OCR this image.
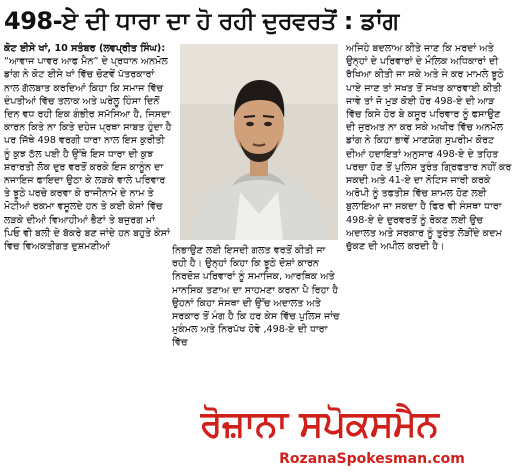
498-ਏ ਦੀ ਧਾਰਾ ਦਾ ਹੋ ਰਹੀ ਦੁਰਵਰਤੋਂ : ਡਾਂਗ

ਕੋਟ ਈਸੇ ਖਾਂ, 10 ਸਤੰਬਰ (ਲਵਪ੍ਰੀਤ ਸਿੰਘ): “ਆਵਾਜ ਪਾਵਰ ਆਫ ਮੈਨ” ਦੇ ਪ੍ਰਧਾਨ ਅਨਮੋਲ ਡਾਂਗ ਨੇ ਕੋਟ ਈਸੇ ਖਾਂ ਵਿੱਚ ਚੋਣਵੇਂ ਪੱਤਰਕਾਰਾਂ ਨਾਲ ਗੱਲਬਾਤ ਕਰਦਿਆਂ ਕਿਹਾ ਕਿ ਸਮਾਜ ਵਿੱਚ ਦੰਪਤੀਆਂ ਵਿੱਚ ਤਲਾਕ ਅਤੇ ਘਰੇਲੂ ਹਿੰਸਾ ਦਿਨੋਂ ਦਿਨ ਵਧ ਰਹੀ ਇਕ ਗੰਭੀਰ ਸਮੱਸਿਆ ਹੈ, ਜਿਸਦਾ ਕਾਰਨ ਕਿਤੇ ਨਾ ਕਿਤੇ ਦਹੇਜ ਪ੍ਰਥਾ ਸਾਬਤ ਹੁੰਦਾ ਹੈ ਪਰ ਜਿੱਥੇ 498 ਵਰਗੀ ਧਾਰਾ ਨਾਲ ਇਸ ਕੁਰੀਤੀ ਨੂੰ ਕੁਝ ਠੱਲ ਪਈ ਹੈ ਉੱਥੇ ਇਸ ਧਾਰਾ ਦੀ ਕੁਝ ਸ਼ਰਾਰਤੀ ਲੋਕ ਦੁਰ ਵਰਤੋਂ ਕਰਕੇ ਇਸ ਕਾਨੂੰਨ ਦਾ ਨਜਾਇਜ ਫਾਇਦਾ ਉਠਾ ਕੇ ਲੜਕੇ ਵਾਲੇ ਪਰਿਵਾਰ ਤੇ ਝੂਠੇ ਪਰਚੇ ਕਰਵਾ ਕੇ ਰਾਜੀਨਾਮੇ ਦੇ ਨਾਮ ਤੇ ਮੋਟੀਆਂ ਰਕਮਾ ਵਸੂਲਦੇ ਹਨ ਤੇ ਕਈ ਕੇਸਾਂ ਵਿੱਚ ਲੜਕੇ ਦੀਆਂ ਵਿਆਹੀਆਂ ਭੈਣਾਂ ਤੇ ਬਜੁਰਗ ਮਾਂ ਪਿਓ ਵੀ ਬਲੀ ਦੇ ਬੱਕਰੇ ਬਣ ਜਾਂਦੇ ਹਨ ਬਹੁਤੇ ਕੇਸਾਂ ਵਿਚ ਵਿਅਕਤੀਗਤ ਦੁਸ਼ਮਣੀਆਂ	ਨਿਭਾਉਣ ਲਈ ਇਸਦੀ ਗਲਤ ਵਰਤੋਂ ਕੀਤੀ ਜਾ ਰਹੀ ਹੈ। ਉਨ੍ਹਾਂ ਕਿਹਾ ਕਿ ਝੂਠੇ ਦੋਸ਼ਾਂ ਕਾਰਨ ਨਿਰਦੋਸ਼ ਪਰਿਵਾਰਾਂ ਨੂੰ ਸਮਾਜਿਕ, ਆਰਥਿਕ ਅਤੇ ਮਾਨਸਿਕ ਤਣਾਅ ਦਾ ਸਾਹਮਣਾ ਕਰਨਾ ਪੈ ਰਿਹਾ ਹੈ ਉਹਨਾਂ ਕਿਹਾ ਸੰਸਥਾ ਦੀ ਉੱਚ ਅਦਾਲਤ ਅਤੇ ਸਰਕਾਰ ਤੋਂ ਮੰਗ ਹੈ ਕਿ ਹਰ ਕੇਸ ਵਿੱਚ ਪੁਲਿਸ ਜਾਂਚ ਮੁਕੰਮਲ ਅਤੇ ਨਿਰਪੱਖ ਹੋਵੇ ,498-ਏ ਦੀ ਧਾਰਾ ਵਿੱਚ

ਅਜਿਹੇ ਬਦਲਾਅ ਕੀਤੇ ਜਾਣ ਕਿ ਮਰਦਾਂ ਅਤੇ ਉਨ੍ਹਾਂ ਦੇ ਪਰਿਵਾਰਾਂ ਦੇ ਮੌਲਿਕ ਅਧਿਕਾਰਾਂ ਦੀ ਰੱਖਿਆ ਕੀਤੀ ਜਾ ਸਕੇ ਅਤੇ ਜੇ ਕਰ ਮਾਮਲੇ ਝੂਠੇ ਪਾਏ ਜਾਣ ਤਾਂ ਸਖਤ ਤੋਂ ਸਖਤ ਕਾਰਵਾਈ ਕੀਤੀ ਜਾਵੇ ਤਾਂ ਜੋ ਮੁੜ ਕੋਈ ਹੋਰ 498-ਏ ਦੀ ਆੜ ਵਿੱਚ ਕਿਸੇ ਹੋਰ ਬੇ ਕਸੂਰ ਪਰਿਵਾਰ ਨੂੰ ਫਸਾਉਣ ਦੀ ਜੁਰਅਤ ਨਾ ਕਰ ਸਕੇ ਅਖੀਰ ਵਿੱਚ ਅਨਮੋਲ ਡਾਂਗ ਨੇ ਕਿਹਾ ਭਾਵੇਂ ਮਾਣਯੋਗ ਸੁਪਰੀਮ ਕੋਰਟ ਦੀਆਂ ਹਦਾਇਤਾਂ ਅਨੁਸਾਰ 498-ਏ ਦੇ ਤਹਿਤ ਪਰਚਾ ਹੋਣ ਤੋਂ ਪੁਲਿਸ ਤੁਰੰਤ ਗ੍ਰਿਫਤਾਰ ਨਹੀਂ ਕਰ ਸਕਦੀ ਅਤੇ 41-ਏ ਦਾ ਨੋਟਿਸ ਜਾਰੀ ਕਰਕੇ ਅਰੋਪੀ ਨੂੰ ਤਫਤੀਸ਼ ਵਿੱਚ ਸ਼ਾਮਲ ਹੋਣ ਲਈ ਬੁਲਾਇਆ ਜਾ ਸਕਦਾ ਹੈ ਫਿਰ ਵੀ ਸੰਸਥਾ ਧਾਰਾ 498-ਏ ਦੇ ਦੁਰਵਰਤੋਂ ਨੂੰ ਰੋਕਣ ਲਈ ਉਚ ਅਦਾਲਤ ਅਤੇ ਸਰਕਾਰ ਨੂੰ ਤੁਰੰਤ ਲੋੜੀਂਦੇ ਕਦਮ ਚੁੱਕਣ ਦੀ ਅਪੀਲ ਕਰਦੀ ਹੈ।

ਰੋਜ਼ਾਨਾ ਸਪੋਕਸਮੈਨ
RozanaSpokesman.com
